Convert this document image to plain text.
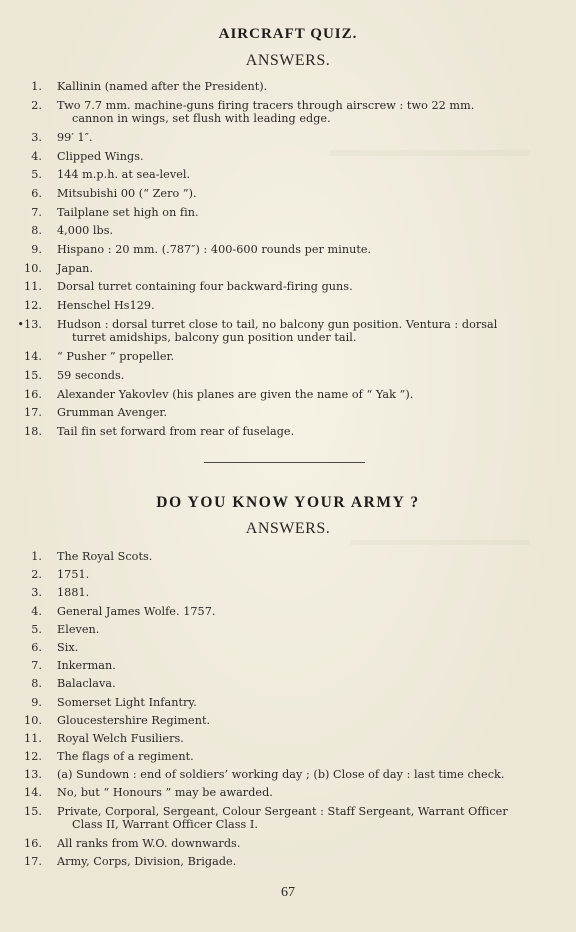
AIRCRAFT QUIZ.
ANSWERS.
1. Kallinin (named after the President).
2. Two 7.7 mm. machine-guns firing tracers through airscrew : two 22 mm.
cannon in wings, set flush with leading edge.
3. 99′ 1″.
4. Clipped Wings.
5. 144 m.p.h. at sea-level.
6. Mitsubishi 00 (“ Zero ”).
7. Tailplane set high on fin.
8. 4,000 lbs.
9. Hispano : 20 mm. (.787″) : 400-600 rounds per minute.
10. Japan.
11. Dorsal turret containing four backward-firing guns.
12. Henschel Hs129.
•13. Hudson : dorsal turret close to tail, no balcony gun position. Ventura : dorsal
turret amidships, balcony gun position under tail.
14. “ Pusher ” propeller.
15. 59 seconds.
16. Alexander Yakovlev (his planes are given the name of “ Yak ”).
17. Grumman Avenger.
18. Tail fin set forward from rear of fuselage.
DO YOU KNOW YOUR ARMY ?
ANSWERS.
1. The Royal Scots.
2. 1751.
3. 1881.
4. General James Wolfe. 1757.
5. Eleven.
6. Six.
7. Inkerman.
8. Balaclava.
9. Somerset Light Infantry.
10. Gloucestershire Regiment.
11. Royal Welch Fusiliers.
12. The flags of a regiment.
13. (a) Sundown : end of soldiers’ working day ; (b) Close of day : last time check.
14. No, but “ Honours ” may be awarded.
15. Private, Corporal, Sergeant, Colour Sergeant : Staff Sergeant, Warrant Officer
Class II, Warrant Officer Class I.
16. All ranks from W.O. downwards.
17. Army, Corps, Division, Brigade.
67
